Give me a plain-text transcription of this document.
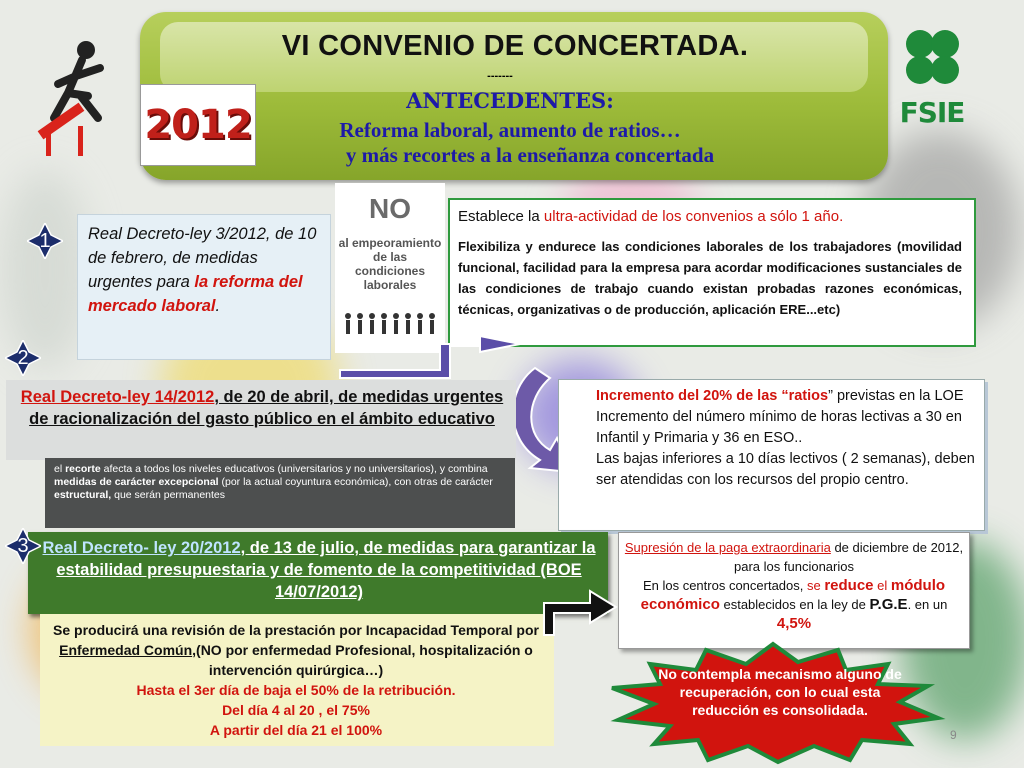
VI CONVENIO DE CONCERTADA.
-------
ANTECEDENTES:
Reforma laboral, aumento de ratios…
y más recortes a la enseñanza concertada
2012	FSIE
1	Real Decreto-ley 3/2012, de 10 de febrero, de medidas urgentes para la reforma del mercado laboral.
NO
al empeoramiento de las condiciones laborales
Establece la ultra-actividad de los convenios a sólo 1 año.
Flexibiliza y endurece las condiciones laborales de los trabajadores (movilidad funcional, facilidad para la empresa para acordar modificaciones sustanciales de las condiciones de trabajo cuando existan probadas razones económicas, técnicas, organizativas o de producción, aplicación ERE...etc)
Real Decreto-ley 14/2012, de 20 de abril, de medidas urgentes de racionalización del gasto público en el ámbito educativo
2
el recorte afecta a todos los niveles educativos (universitarios y no universitarios), y combina medidas de carácter excepcional (por la actual coyuntura económica), con otras de carácter estructural, que serán permanentes
Incremento del 20% de las “ratios” previstas en la LOE
Incremento del número mínimo de horas lectivas a 30 en Infantil y Primaria y 36 en ESO..
Las bajas inferiores a 10 días lectivos ( 2 semanas), deben ser atendidas con los recursos del propio centro.
Real Decreto- ley 20/2012, de 13 de julio, de medidas para garantizar la estabilidad presupuestaria y de fomento de la competitividad (BOE 14/07/2012)
3
Se producirá una revisión de la prestación por Incapacidad Temporal por Enfermedad Común,(NO por enfermedad Profesional, hospitalización o intervención quirúrgica…)
Hasta el 3er día de baja el 50% de la retribución.
Del día 4 al 20 , el 75%
A partir del día 21 el 100%
Supresión de la paga extraordinaria de diciembre de 2012, para los funcionarios
En los centros concertados, se reduce el módulo económico establecidos en la ley de P.G.E. en un 4,5%
No contempla mecanismo alguno de recuperación, con lo cual esta reducción es consolidada.
9
